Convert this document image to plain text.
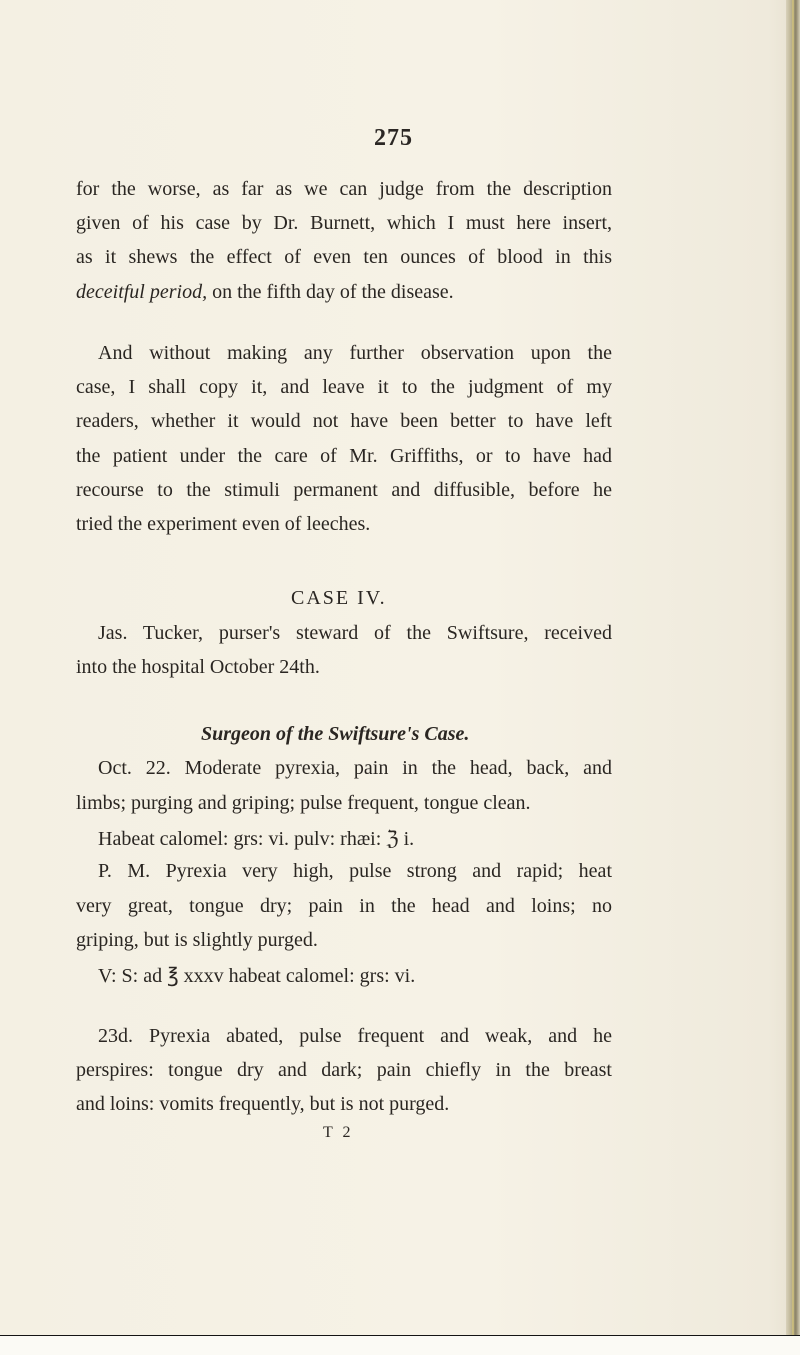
275
for the worse, as far as we can judge from the description
given of his case by Dr. Burnett, which I must here insert,
as it shews the effect of even ten ounces of blood in this
deceitful period, on the fifth day of the disease.
And without making any further observation upon the
case, I shall copy it, and leave it to the judgment of my
readers, whether it would not have been better to have left
the patient under the care of Mr. Griffiths, or to have had
recourse to the stimuli permanent and diffusible, before he
tried the experiment even of leeches.
CASE IV.
Jas. Tucker, purser's steward of the Swiftsure, received
into the hospital October 24th.
Surgeon of the Swiftsure's Case.
Oct. 22. Moderate pyrexia, pain in the head, back, and
limbs; purging and griping; pulse frequent, tongue clean.
Habeat calomel: grs: vi. pulv: rhæi: ℨ i.
P. M. Pyrexia very high, pulse strong and rapid; heat
very great, tongue dry; pain in the head and loins; no
griping, but is slightly purged.
V: S: ad ℥ xxxv habeat calomel: grs: vi.
23d. Pyrexia abated, pulse frequent and weak, and he
perspires: tongue dry and dark; pain chiefly in the breast
and loins: vomits frequently, but is not purged.
T 2
